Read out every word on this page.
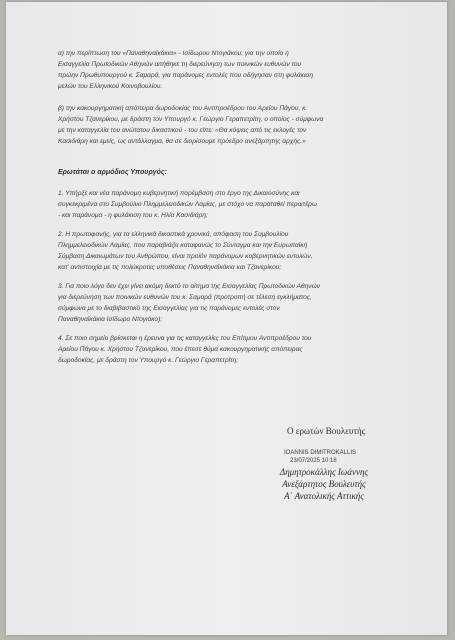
α) την περίπτωση του «Παναθηναϊκάκια» - Ισίδωρου Ντογιάκου, για την οποία η

Εισαγγελία Πρωτοδικών Αθηνών αιτήθηκε τη διερεύνηση των ποινικών ευθυνών του

πρώην Πρωθυπουργού κ. Σαμαρά, για παράνομες εντολές που οδήγησαν στη φυλάκιση

μελών του Ελληνικού Κοινοβουλίου.

β) την κακουργηματική απόπειρα δωροδοκίας του Αντιπροέδρου του Αρείου Πάγου, κ.

Χρήστου Τζανερίκου, με δράστη τον Υπουργό κ. Γεώργιο Γεραπετρίτη, ο οποίος - σύμφωνα

με την καταγγελία του ανώτατου δικαστικού - του είπε: «Θα κόψεις από τις εκλογές τον

Κασιδιάρη και εμείς, ως αντάλλαγμα, θα σε διορίσουμε πρόεδρο ανεξάρτητης αρχής.»

Ερωτάται ο αρμόδιος Υπουργός:

1. Υπήρξε και νέα παράνομη κυβερνητική παρέμβαση στο έργο της Δικαιοσύνης και

συγκεκριμένα στο Συμβούλιο Πλημμελειοδικών Λαμίας, με στόχο να παραταθεί περαιτέρω

- και παράνομα - η φυλάκιση του κ. Ηλία Κασιδιάρη;

2. Η πρωτοφανής, για τα ελληνικά δικαστικά χρονικά, απόφαση του Συμβουλίου

Πλημμελειοδικών Λαμίας, που παραβιάζει καταφανώς το Σύνταγμα και την Ευρωπαϊκή

Σύμβαση Δικαιωμάτων του Ανθρώπου, είναι προϊόν παράνομων κυβερνητικών εντολών,

κατ' αντιστοιχία με τις πολύκροτες υποθέσεις Παναθηναϊκάκια και Τζανερίκου;

3. Για ποιο λόγο δεν έχει γίνει ακόμη δεκτό το αίτημα της Εισαγγελίας Πρωτοδικών Αθηνών

για διερεύνηση των ποινικών ευθυνών του κ. Σαμαρά (προτροπή σε τέλεση εγκλήματος,

σύμφωνα με το διαβιβαστικό της Εισαγγελίας για τις παράνομες εντολές στον

Παναθηναϊκάκια Ισίδωρο Ντογιάκο);

4. Σε ποιο σημείο βρίσκεται η έρευνα για τις καταγγελίες του Επίτιμου Αντιπροέδρου του

Αρείου Πάγου κ. Χρήστου Τζανερίκου, που έπεσε θύμα κακουργηματικής απόπειρας

δωροδοκίας, με δράστη τον Υπουργό κ. Γεώργιο Γεραπετρίτη;

Ο ερωτών Βουλευτής

IOANNIS DIMITROKALLIS

23/07/2025 10:18

Δημητροκάλλης Ιωάννης

Ανεξάρτητος Βουλευτής

Α΄ Ανατολικής Αττικής
